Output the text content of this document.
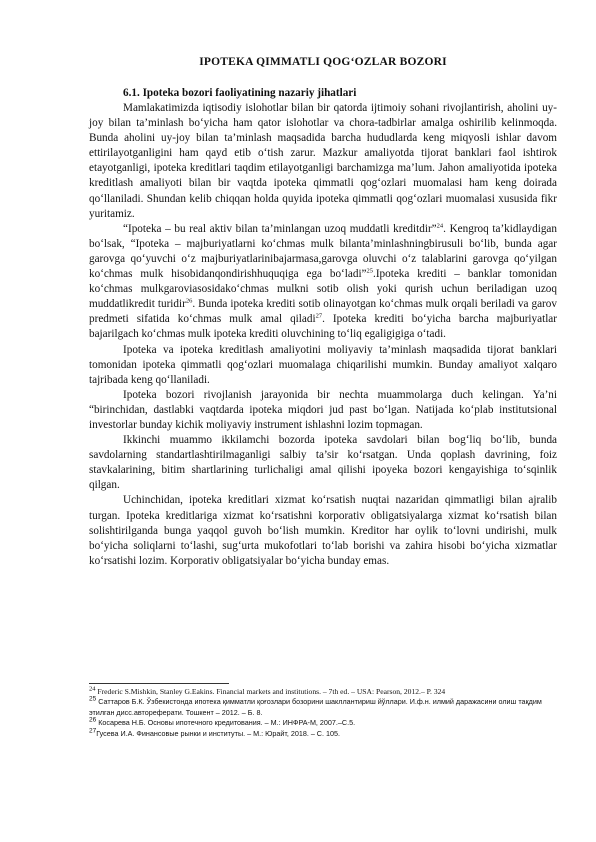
IPOTEKA QIMMATLI QOG‘OZLAR BOZORI

6.1. Ipoteka bozori faoliyatining nazariy jihatlari

Mamlakatimizda iqtisodiy islohotlar bilan bir qatorda ijtimoiy sohani rivojlantirish, aholini uy-joy bilan ta’minlash bo‘yicha ham qator islohotlar va chora-tadbirlar amalga oshirilib kelinmoqda. Bunda aholini uy-joy bilan ta’minlash maqsadida barcha hududlarda keng miqyosli ishlar davom ettirilayotganligini ham qayd etib o‘tish zarur. Mazkur amaliyotda tijorat banklari faol ishtirok etayotganligi, ipoteka kreditlari taqdim etilayotganligi barchamizga ma’lum. Jahon amaliyotida ipoteka kreditlash amaliyoti bilan bir vaqtda ipoteka qimmatli qog‘ozlari muomalasi ham keng doirada qo‘llaniladi. Shundan kelib chiqqan holda quyida ipoteka qimmatli qog‘ozlari muomalasi xususida fikr yuritamiz.

“Ipoteka – bu real aktiv bilan ta’minlangan uzoq muddatli kreditdir”$^{24}$. Kengroq ta’kidlaydigan bo‘lsak, “Ipoteka – majburiyatlarni ko‘chmas mulk bilanta’minlashningbirusuli bo‘lib, bunda agar garovga qo‘yuvchi o‘z majburiyatlarinibajarmasa,garovga oluvchi o‘z talablarini garovga qo‘yilgan ko‘chmas mulk hisobidanqondirishhuquqiga ega bo‘ladi”$^{25}$.Ipoteka krediti – banklar tomonidan ko‘chmas mulkgaroviasosidako‘chmas mulkni sotib olish yoki qurish uchun beriladigan uzoq muddatlikredit turidir$^{26}$. Bunda ipoteka krediti sotib olinayotgan ko‘chmas mulk orqali beriladi va garov predmeti sifatida ko‘chmas mulk amal qiladi$^{27}$. Ipoteka krediti bo‘yicha barcha majburiyatlar bajarilgach ko‘chmas mulk ipoteka krediti oluvchining to‘liq egaligigiga o‘tadi.

Ipoteka va ipoteka kreditlash amaliyotini moliyaviy ta’minlash maqsadida tijorat banklari tomonidan ipoteka qimmatli qog‘ozlari muomalaga chiqarilishi mumkin. Bunday amaliyot xalqaro tajribada keng qo‘llaniladi.

Ipoteka bozori rivojlanish jarayonida bir nechta muammolarga duch kelingan. Ya’ni “birinchidan, dastlabki vaqtdarda ipoteka miqdori jud past bo‘lgan. Natijada ko‘plab institutsional investorlar bunday kichik moliyaviy instrument ishlashni lozim topmagan.

Ikkinchi muammo ikkilamchi bozorda ipoteka savdolari bilan bog‘liq bo‘lib, bunda savdolarning standartlashtirilmaganligi salbiy ta’sir ko‘rsatgan. Unda qoplash davrining, foiz stavkalarining, bitim shartlarining turlichaligi amal qilishi ipoyeka bozori kengayishiga to‘sqinlik qilgan.

Uchinchidan, ipoteka kreditlari xizmat ko‘rsatish nuqtai nazaridan qimmatligi bilan ajralib turgan. Ipoteka kreditlariga xizmat ko‘rsatishni korporativ obligatsiyalarga xizmat ko‘rsatish bilan solishtirilganda bunga yaqqol guvoh bo‘lish mumkin. Kreditor har oylik to‘lovni undirishi, mulk bo‘yicha soliqlarni to‘lashi, sug‘urta mukofotlari to‘lab borishi va zahira hisobi bo‘yicha xizmatlar ko‘rsatishi lozim. Korporativ obligatsiyalar bo‘yicha bunday emas.

$^{24}$ Frederic S.Mishkin, Stanley G.Eakins. Financial markets and institutions. – 7th ed. – USA: Pearson, 2012.– P. 324

$^{25}$ Саттаров Б.К. Ўзбекистонда ипотека қимматли қоғозлари бозорини шакллантириш йўллари. И.ф.н. илмий даражасини олиш тақдим этилган дисс.автореферати. Тошкент – 2012. – Б. 8.

$^{26}$ Косарева Н.Б. Основы ипотечного кредитования. – М.: ИНФРА-М, 2007.–С.5.

$^{27}$Гусева И.А. Финансовые рынки и институты. – М.: Юрайт, 2018. – С. 105.
